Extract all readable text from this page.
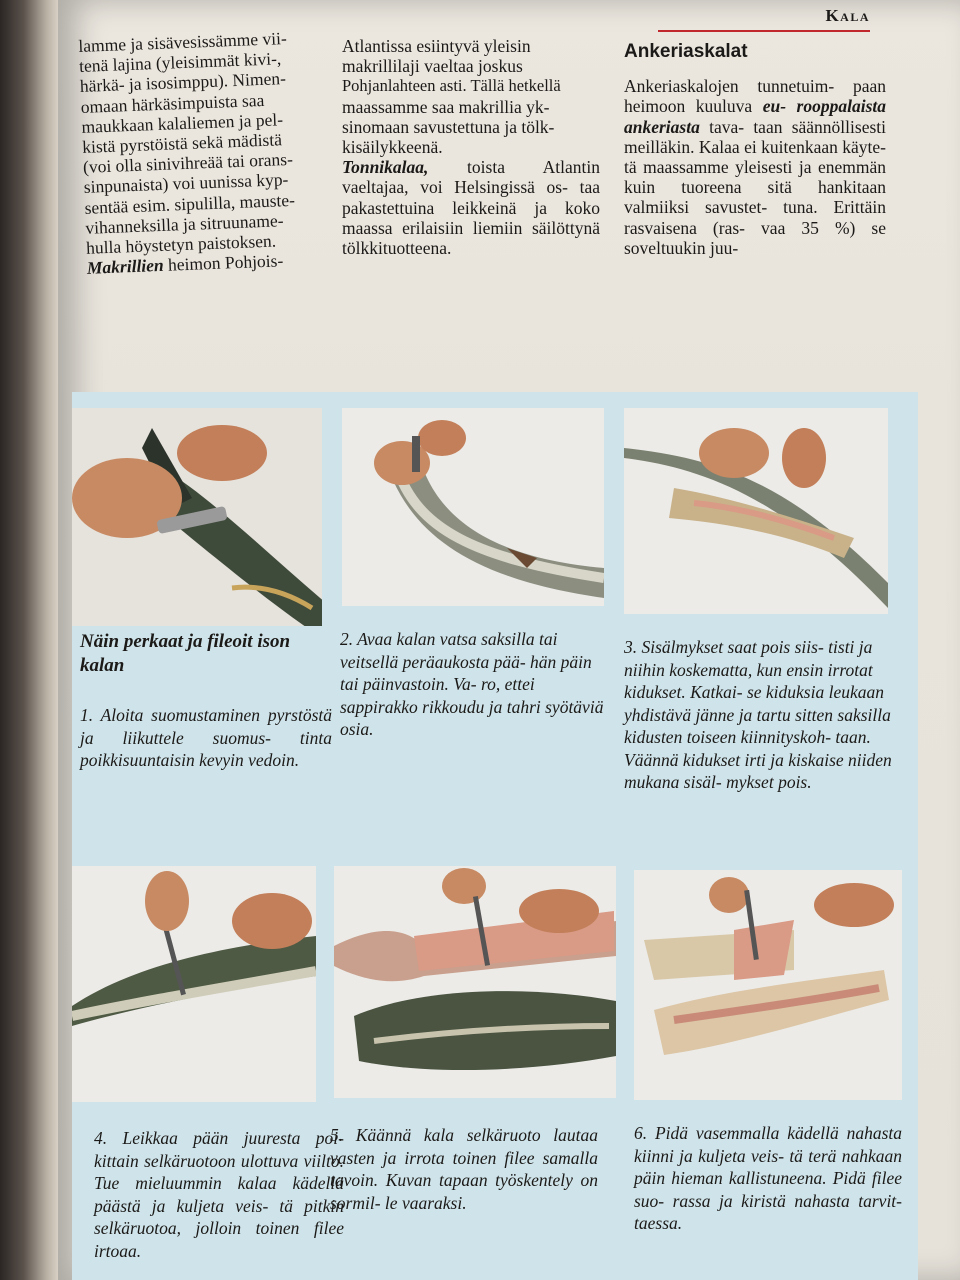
Kala

lamme ja sisävesissämme vii-

tenä lajina (yleisimmät kivi-,

härkä- ja isosimppu). Nimen-

omaan härkäsimpuista saa

maukkaan kalaliemen ja pel-

kistä pyrstöistä sekä mädistä

(voi olla sinivihreää tai orans-

sinpunaista) voi uunissa kyp-

sentää esim. sipulilla, mauste-

vihanneksilla ja sitruuname-

hulla höystetyn paistoksen.

Makrillien heimon Pohjois-

Atlantissa esiintyvä yleisin

makrillilaji vaeltaa joskus

Pohjanlahteen asti. Tällä hetkellä

maassamme saa makrillia yk-

sinomaan savustettuna ja tölk-

kisäilykkeenä.

Tonnikalaa, toista Atlantin vaeltajaa, voi Helsingissä os- taa pakastettuina leikkeinä ja koko maassa erilaisiin liemiin säilöttynä tölkkituotteena.

Ankeriaskalat

Ankeriaskalojen tunnetuim- paan heimoon kuuluva eu- rooppalaista ankeriasta tava- taan säännöllisesti meilläkin. Kalaa ei kuitenkaan käyte- tä maassamme yleisesti ja enemmän kuin tuoreena sitä hankitaan valmiiksi savustet- tuna. Erittäin rasvaisena (ras- vaa 35 %) se soveltuukin juu-

Näin perkaat ja fileoit ison kalan

1. Aloita suomustaminen pyrstöstä ja liikuttele suomus- tinta poikkisuuntaisin kevyin vedoin.

2. Avaa kalan vatsa saksilla tai veitsellä peräaukosta pää- hän päin tai päinvastoin. Va- ro, ettei sappirakko rikkoudu ja tahri syötäviä osia.

3. Sisälmykset saat pois siis- tisti ja niihin koskematta, kun ensin irrotat kidukset. Katkai- se kiduksia leukaan yhdistävä jänne ja tartu sitten saksilla kidusten toiseen kiinnityskoh- taan. Väännä kidukset irti ja kiskaise niiden mukana sisäl- mykset pois.

4. Leikkaa pään juuresta poi- kittain selkäruotoon ulottuva viilto. Tue mieluummin kalaa kädellä päästä ja kuljeta veis- tä pitkin selkäruotoa, jolloin toinen filee irtoaa.

5. Käännä kala selkäruoto lautaa vasten ja irrota toinen filee samalla tavoin. Kuvan tapaan työskentely on sormil- le vaaraksi.

6. Pidä vasemmalla kädellä nahasta kiinni ja kuljeta veis- tä terä nahkaan päin hieman kallistuneena. Pidä filee suo- rassa ja kiristä nahasta tarvit- taessa.
